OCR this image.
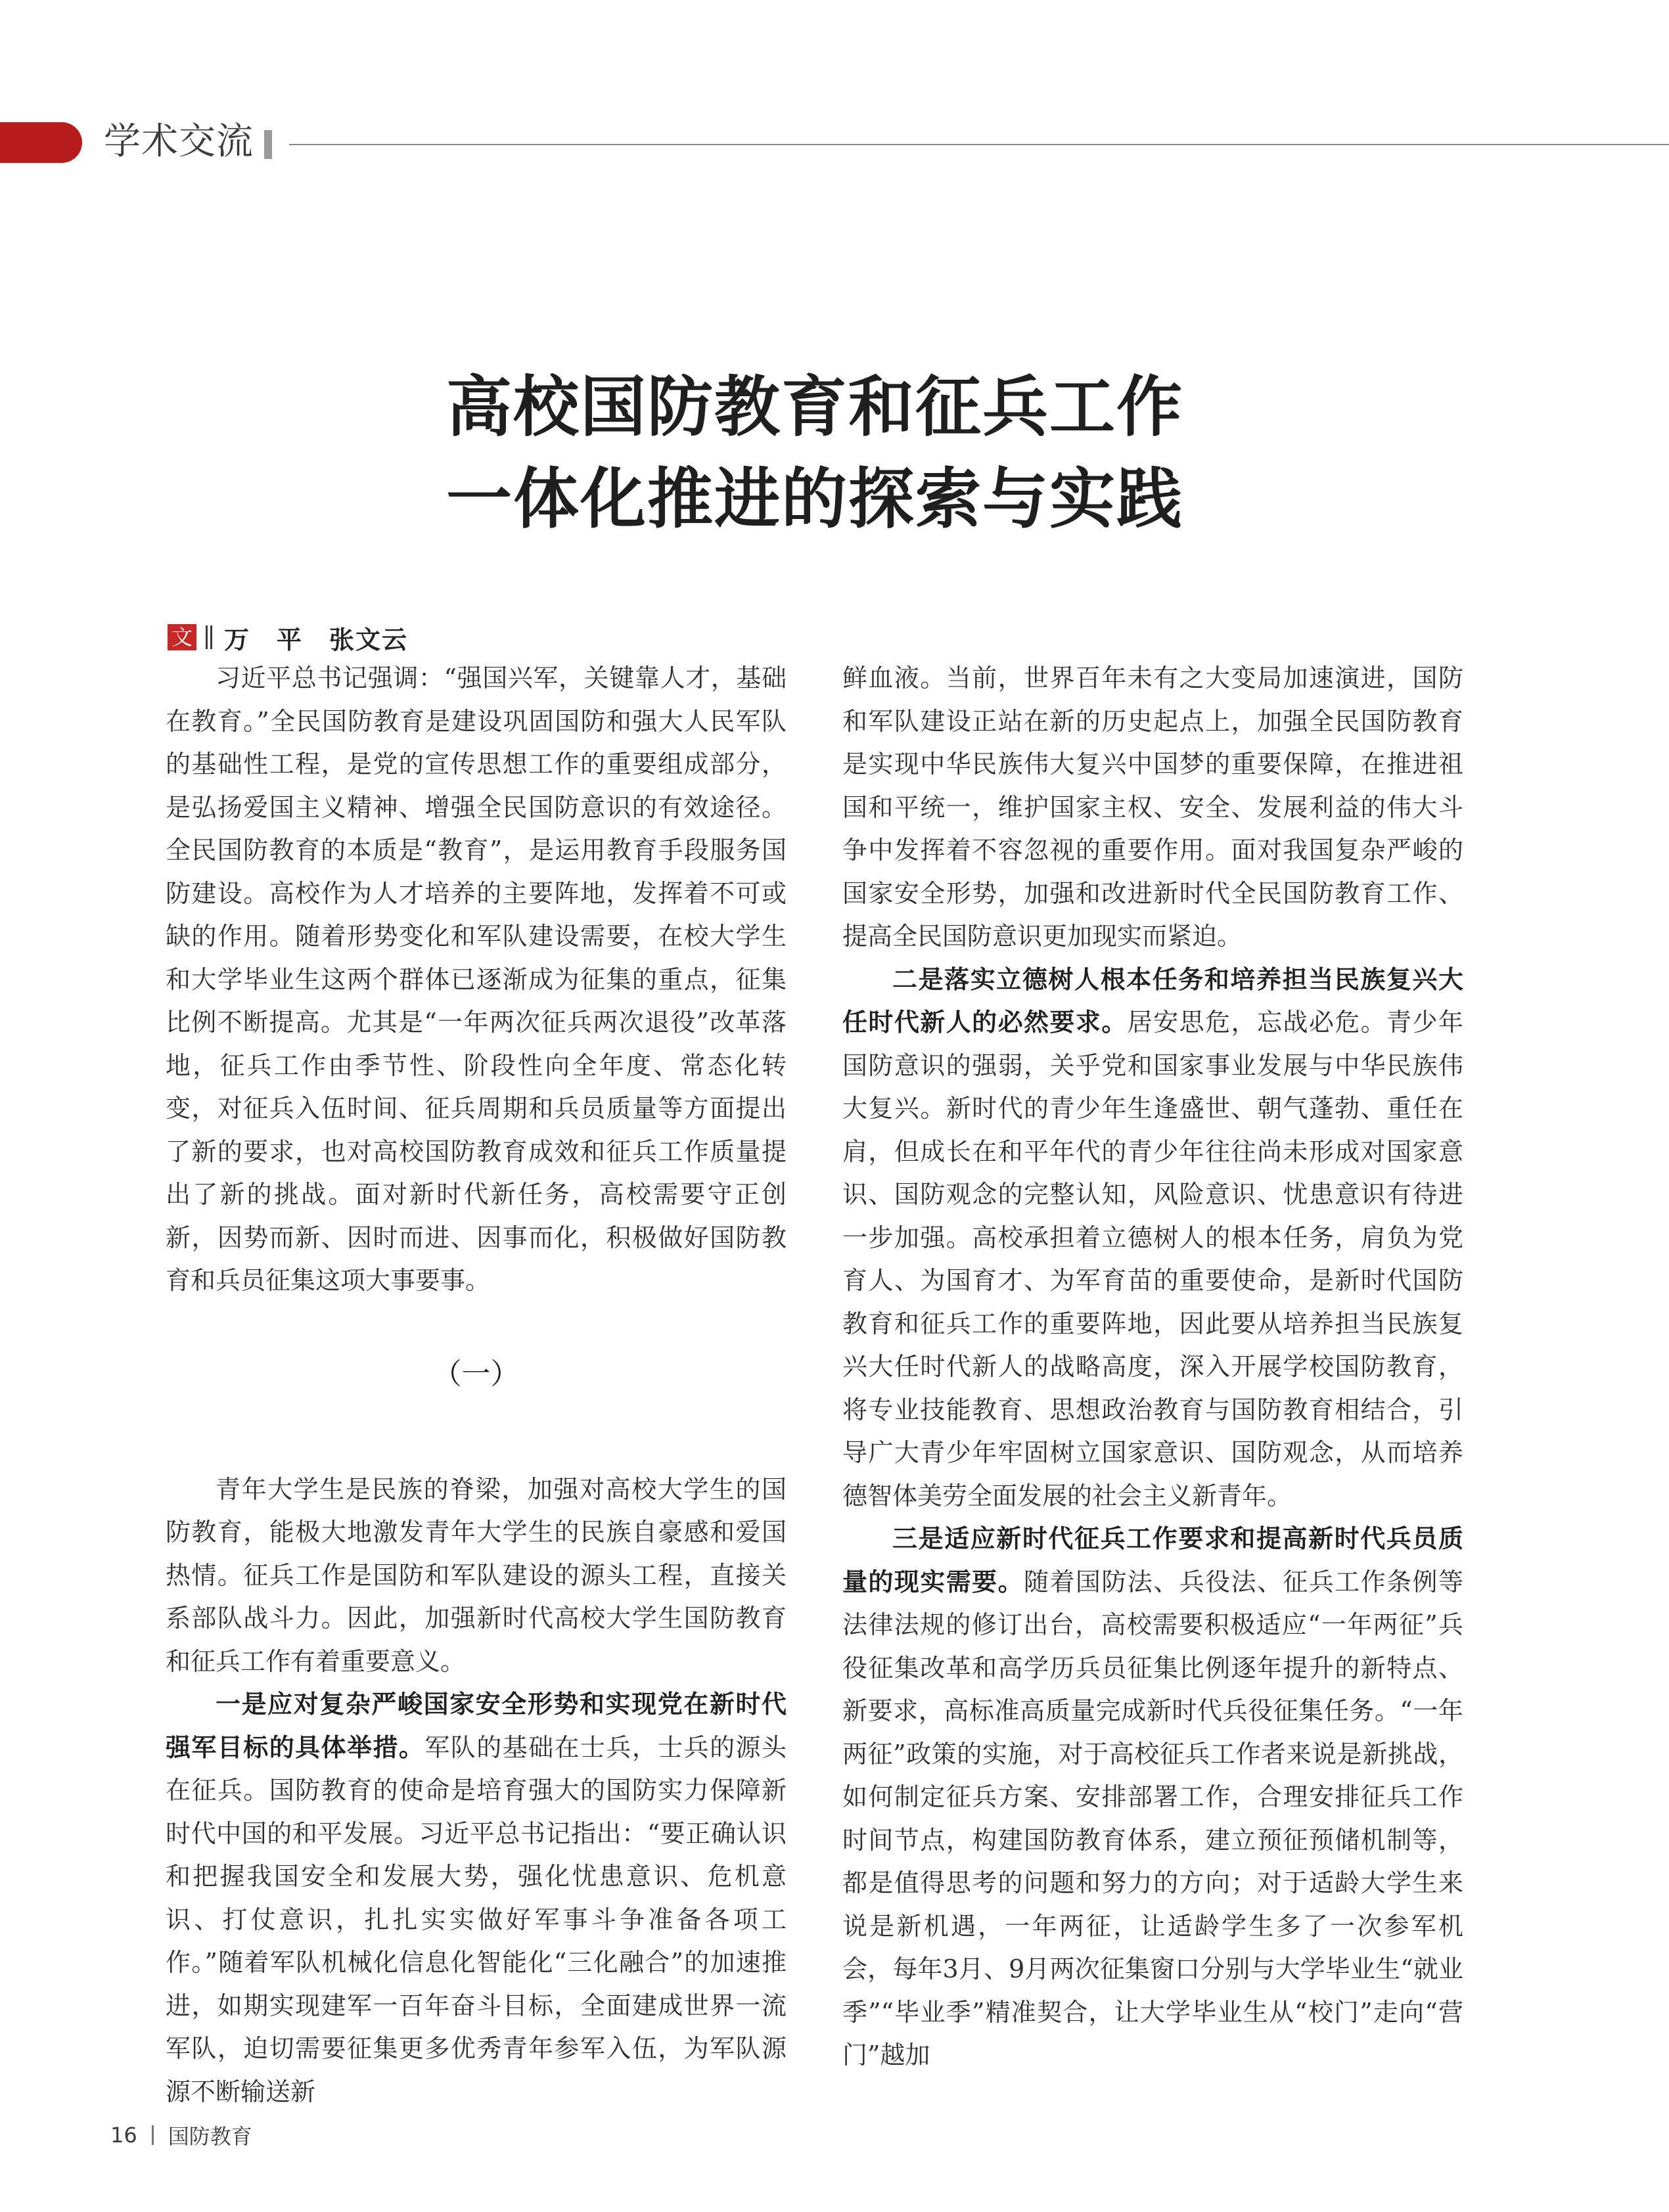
学术交流
高校国防教育和征兵工作
一体化推进的探索与实践
文 万　平　张文云

习近平总书记强调：“强国兴军，关键靠人才，基础在教育。”全民国防教育是建设巩固国防和强大人民军队的基础性工程，是党的宣传思想工作的重要组成部分，是弘扬爱国主义精神、增强全民国防意识的有效途径。全民国防教育的本质是“教育”，是运用教育手段服务国防建设。高校作为人才培养的主要阵地，发挥着不可或缺的作用。随着形势变化和军队建设需要，在校大学生和大学毕业生这两个群体已逐渐成为征集的重点，征集比例不断提高。尤其是“一年两次征兵两次退役”改革落地，征兵工作由季节性、阶段性向全年度、常态化转变，对征兵入伍时间、征兵周期和兵员质量等方面提出了新的要求，也对高校国防教育成效和征兵工作质量提出了新的挑战。面对新时代新任务，高校需要守正创新，因势而新、因时而进、因事而化，积极做好国防教育和兵员征集这项大事要事。

（一）

青年大学生是民族的脊梁，加强对高校大学生的国防教育，能极大地激发青年大学生的民族自豪感和爱国热情。征兵工作是国防和军队建设的源头工程，直接关系部队战斗力。因此，加强新时代高校大学生国防教育和征兵工作有着重要意义。

一是应对复杂严峻国家安全形势和实现党在新时代强军目标的具体举措。军队的基础在士兵，士兵的源头在征兵。国防教育的使命是培育强大的国防实力保障新时代中国的和平发展。习近平总书记指出：“要正确认识和把握我国安全和发展大势，强化忧患意识、危机意识、打仗意识，扎扎实实做好军事斗争准备各项工作。”随着军队机械化信息化智能化“三化融合”的加速推进，如期实现建军一百年奋斗目标，全面建成世界一流军队，迫切需要征集更多优秀青年参军入伍，为军队源源不断输送新

鲜血液。当前，世界百年未有之大变局加速演进，国防和军队建设正站在新的历史起点上，加强全民国防教育是实现中华民族伟大复兴中国梦的重要保障，在推进祖国和平统一，维护国家主权、安全、发展利益的伟大斗争中发挥着不容忽视的重要作用。面对我国复杂严峻的国家安全形势，加强和改进新时代全民国防教育工作、提高全民国防意识更加现实而紧迫。

二是落实立德树人根本任务和培养担当民族复兴大任时代新人的必然要求。居安思危，忘战必危。青少年国防意识的强弱，关乎党和国家事业发展与中华民族伟大复兴。新时代的青少年生逢盛世、朝气蓬勃、重任在肩，但成长在和平年代的青少年往往尚未形成对国家意识、国防观念的完整认知，风险意识、忧患意识有待进一步加强。高校承担着立德树人的根本任务，肩负为党育人、为国育才、为军育苗的重要使命，是新时代国防教育和征兵工作的重要阵地，因此要从培养担当民族复兴大任时代新人的战略高度，深入开展学校国防教育，将专业技能教育、思想政治教育与国防教育相结合，引导广大青少年牢固树立国家意识、国防观念，从而培养德智体美劳全面发展的社会主义新青年。

三是适应新时代征兵工作要求和提高新时代兵员质量的现实需要。随着国防法、兵役法、征兵工作条例等法律法规的修订出台，高校需要积极适应“一年两征”兵役征集改革和高学历兵员征集比例逐年提升的新特点、新要求，高标准高质量完成新时代兵役征集任务。“一年两征”政策的实施，对于高校征兵工作者来说是新挑战，如何制定征兵方案、安排部署工作，合理安排征兵工作时间节点，构建国防教育体系，建立预征预储机制等，都是值得思考的问题和努力的方向；对于适龄大学生来说是新机遇，一年两征，让适龄学生多了一次参军机会，每年3月、9月两次征集窗口分别与大学毕业生“就业季”“毕业季”精准契合，让大学毕业生从“校门”走向“营门”越加

16 国防教育
